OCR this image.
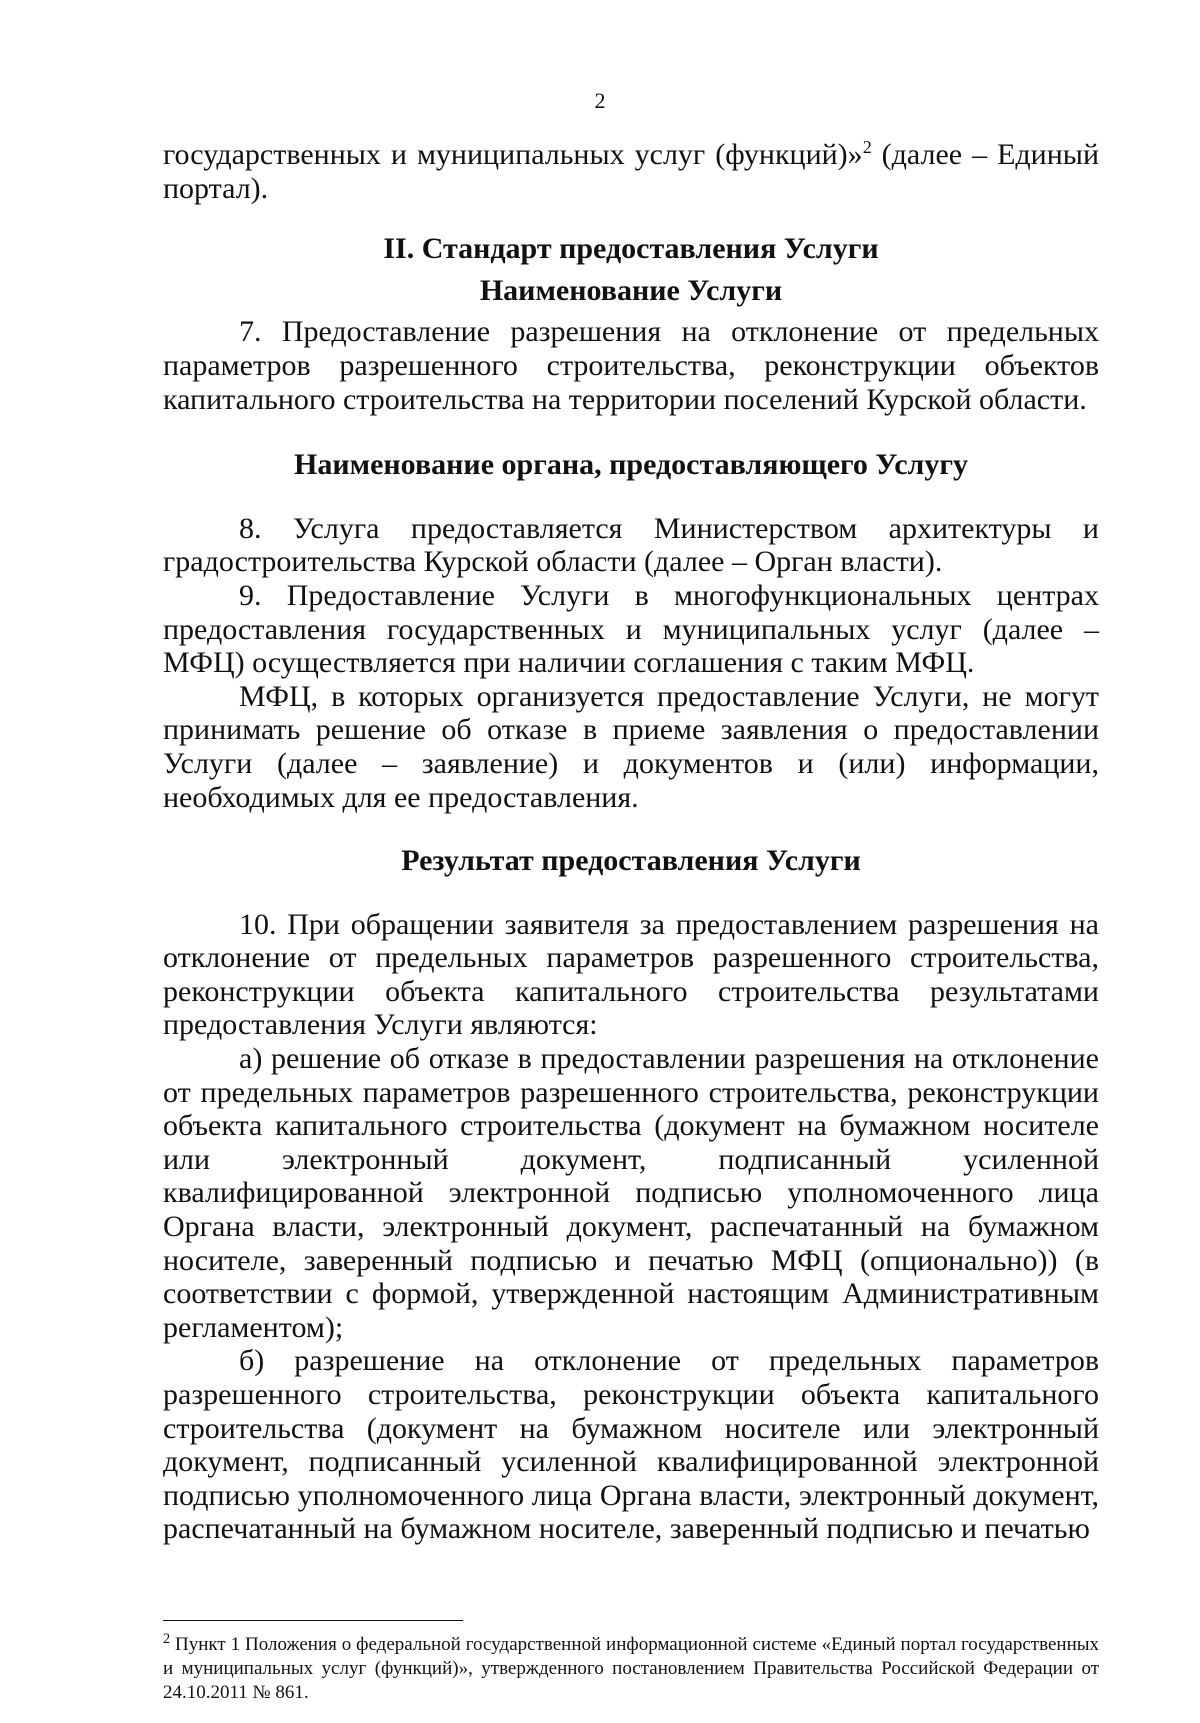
2

государственных и муниципальных услуг (функций)»$^2$ (далее – Единый портал).

II. Стандарт предоставления Услуги

Наименование Услуги

7. Предоставление разрешения на отклонение от предельных параметров разрешенного строительства, реконструкции объектов капитального строительства на территории поселений Курской области.

Наименование органа, предоставляющего Услугу

8. Услуга предоставляется Министерством архитектуры и градостроительства Курской области (далее – Орган власти).

9. Предоставление Услуги в многофункциональных центрах предоставления государственных и муниципальных услуг (далее – МФЦ) осуществляется при наличии соглашения с таким МФЦ.

МФЦ, в которых организуется предоставление Услуги, не могут принимать решение об отказе в приеме заявления о предоставлении Услуги (далее – заявление) и документов и (или) информации, необходимых для ее предоставления.

Результат предоставления Услуги

10. При обращении заявителя за предоставлением разрешения на отклонение от предельных параметров разрешенного строительства, реконструкции объекта капитального строительства результатами предоставления Услуги являются:

а) решение об отказе в предоставлении разрешения на отклонение от предельных параметров разрешенного строительства, реконструкции объекта капитального строительства (документ на бумажном носителе или электронный документ, подписанный усиленной квалифицированной электронной подписью уполномоченного лица Органа власти, электронный документ, распечатанный на бумажном носителе, заверенный подписью и печатью МФЦ (опционально)) (в соответствии с формой, утвержденной настоящим Административным регламентом);

б) разрешение на отклонение от предельных параметров разрешенного строительства, реконструкции объекта капитального строительства (документ на бумажном носителе или электронный документ, подписанный усиленной квалифицированной электронной подписью уполномоченного лица Органа власти, электронный документ, распечатанный на бумажном носителе, заверенный подписью и печатью

$^2$ Пункт 1 Положения о федеральной государственной информационной системе «Единый портал государственных и муниципальных услуг (функций)», утвержденного постановлением Правительства Российской Федерации от 24.10.2011 № 861.
